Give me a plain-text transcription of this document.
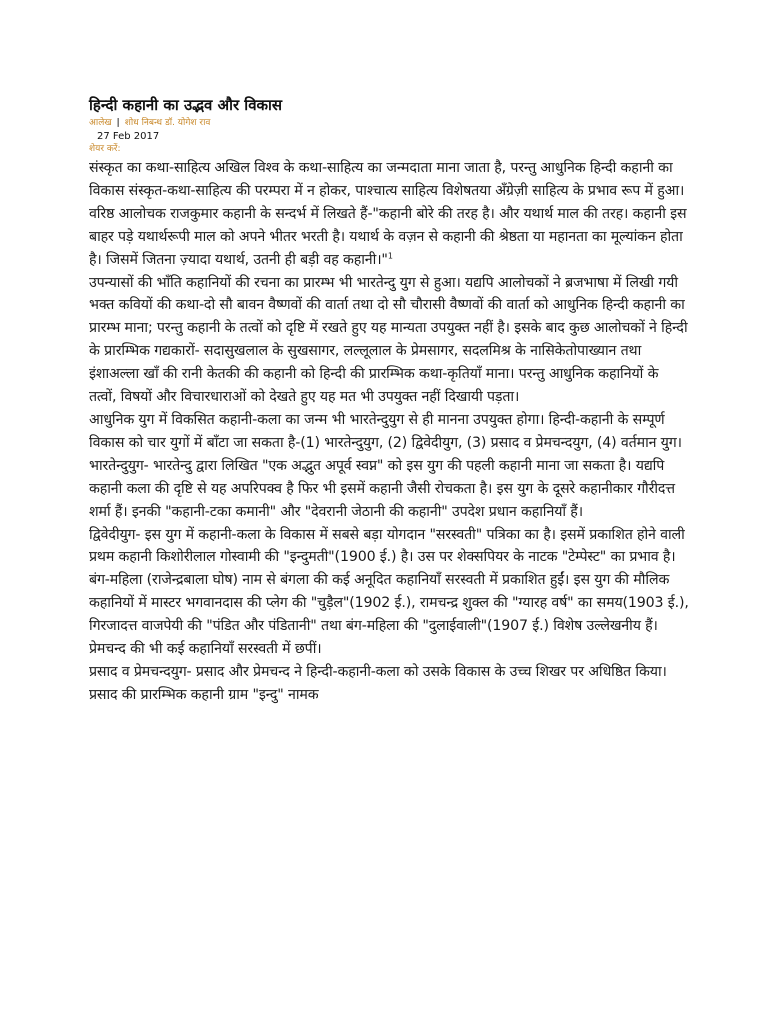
हिन्दी कहानी का उद्भव और विकास
आलेख | शोध निबन्ध डॉ. योगेश राव
27 Feb 2017
शेयर करें:

संस्कृत का कथा-साहित्य अखिल विश्व के कथा-साहित्य का जन्मदाता माना जाता है, परन्तु आधुनिक हिन्दी कहानी का विकास संस्कृत-कथा-साहित्य की परम्परा में न होकर, पाश्चात्य साहित्य विशेषतया अँग्रेज़ी साहित्य के प्रभाव रूप में हुआ। वरिष्ठ आलोचक राजकुमार कहानी के सन्दर्भ में लिखते हैं-"कहानी बोरे की तरह है। और यथार्थ माल की तरह। कहानी इस बाहर पड़े यथार्थरूपी माल को अपने भीतर भरती है। यथार्थ के वज़न से कहानी की श्रेष्ठता या महानता का मूल्यांकन होता है। जिसमें जितना ज़्यादा यथार्थ, उतनी ही बड़ी वह कहानी।"$^1$

उपन्यासों की भाँति कहानियों की रचना का प्रारम्भ भी भारतेन्दु युग से हुआ। यद्यपि आलोचकों ने ब्रजभाषा में लिखी गयी भक्त कवियों की कथा-दो सौ बावन वैष्णवों की वार्ता तथा दो सौ चौरासी वैष्णवों की वार्ता को आधुनिक हिन्दी कहानी का प्रारम्भ माना; परन्तु कहानी के तत्वों को दृष्टि में रखते हुए यह मान्यता उपयुक्त नहीं है। इसके बाद कुछ आलोचकों ने हिन्दी के प्रारम्भिक गद्यकारों- सदासुखलाल के सुखसागर, लल्लूलाल के प्रेमसागर, सदलमिश्र के नासिकेतोपाख्यान तथा इंशाअल्ला खाँ की रानी केतकी की कहानी को हिन्दी की प्रारम्भिक कथा-कृतियाँ माना। परन्तु आधुनिक कहानियों के तत्वों, विषयों और विचारधाराओं को देखते हुए यह मत भी उपयुक्त नहीं दिखायी पड़ता।

आधुनिक युग में विकसित कहानी-कला का जन्म भी भारतेन्दुयुग से ही मानना उपयुक्त होगा। हिन्दी-कहानी के सम्पूर्ण विकास को चार युगों में बाँटा जा सकता है-(1) भारतेन्दुयुग, (2) द्विवेदीयुग, (3) प्रसाद व प्रेमचन्दयुग, (4) वर्तमान युग।

भारतेन्दुयुग- भारतेन्दु द्वारा लिखित "एक अद्भुत अपूर्व स्वप्न" को इस युग की पहली कहानी माना जा सकता है। यद्यपि कहानी कला की दृष्टि से यह अपरिपक्व है फिर भी इसमें कहानी जैसी रोचकता है। इस युग के दूसरे कहानीकार गौरीदत्त शर्मा हैं। इनकी "कहानी-टका कमानी" और "देवरानी जेठानी की कहानी" उपदेश प्रधान कहानियाँ हैं।

द्विवेदीयुग- इस युग में कहानी-कला के विकास में सबसे बड़ा योगदान "सरस्वती" पत्रिका का है। इसमें प्रकाशित होने वाली प्रथम कहानी किशोरीलाल गोस्वामी की "इन्दुमती"(1900 ई.) है। उस पर शेक्सपियर के नाटक "टेम्पेस्ट" का प्रभाव है। बंग-महिला (राजेन्द्रबाला घोष) नाम से बंगला की कई अनूदित कहानियाँ सरस्वती में प्रकाशित हुईं। इस युग की मौलिक कहानियों में मास्टर भगवानदास की प्लेग की "चुड़ैल"(1902 ई.), रामचन्द्र शुक्ल की "ग्यारह वर्ष" का समय(1903 ई.), गिरजादत्त वाजपेयी की "पंडित और पंडितानी" तथा बंग-महिला की "दुलाईवाली"(1907 ई.) विशेष उल्लेखनीय हैं। प्रेमचन्द की भी कई कहानियाँ सरस्वती में छपीं।

प्रसाद व प्रेमचन्दयुग- प्रसाद और प्रेमचन्द ने हिन्दी-कहानी-कला को उसके विकास के उच्च शिखर पर अधिष्ठित किया। प्रसाद की प्रारम्भिक कहानी ग्राम "इन्दु" नामक
